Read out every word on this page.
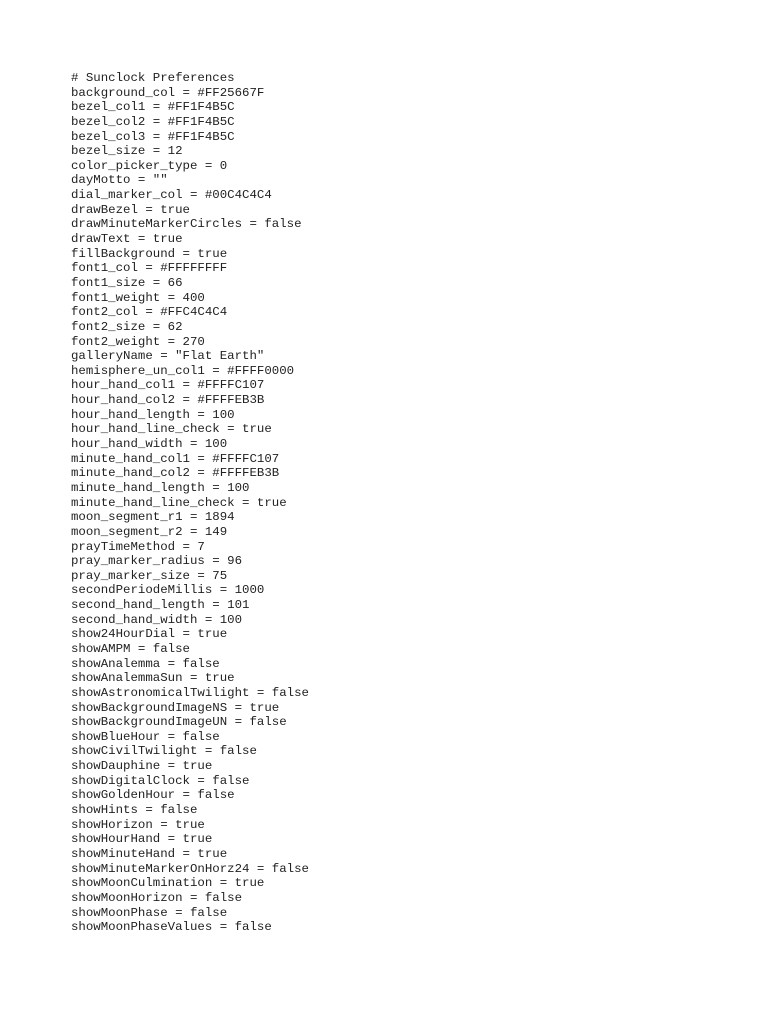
# Sunclock Preferences
background_col = #FF25667F
bezel_col1 = #FF1F4B5C
bezel_col2 = #FF1F4B5C
bezel_col3 = #FF1F4B5C
bezel_size = 12
color_picker_type = 0
dayMotto = ""
dial_marker_col = #00C4C4C4
drawBezel = true
drawMinuteMarkerCircles = false
drawText = true
fillBackground = true
font1_col = #FFFFFFFF
font1_size = 66
font1_weight = 400
font2_col = #FFC4C4C4
font2_size = 62
font2_weight = 270
galleryName = "Flat Earth"
hemisphere_un_col1 = #FFFF0000
hour_hand_col1 = #FFFFC107
hour_hand_col2 = #FFFFEB3B
hour_hand_length = 100
hour_hand_line_check = true
hour_hand_width = 100
minute_hand_col1 = #FFFFC107
minute_hand_col2 = #FFFFEB3B
minute_hand_length = 100
minute_hand_line_check = true
moon_segment_r1 = 1894
moon_segment_r2 = 149
prayTimeMethod = 7
pray_marker_radius = 96
pray_marker_size = 75
secondPeriodeMillis = 1000
second_hand_length = 101
second_hand_width = 100
show24HourDial = true
showAMPM = false
showAnalemma = false
showAnalemmaSun = true
showAstronomicalTwilight = false
showBackgroundImageNS = true
showBackgroundImageUN = false
showBlueHour = false
showCivilTwilight = false
showDauphine = true
showDigitalClock = false
showGoldenHour = false
showHints = false
showHorizon = true
showHourHand = true
showMinuteHand = true
showMinuteMarkerOnHorz24 = false
showMoonCulmination = true
showMoonHorizon = false
showMoonPhase = false
showMoonPhaseValues = false
